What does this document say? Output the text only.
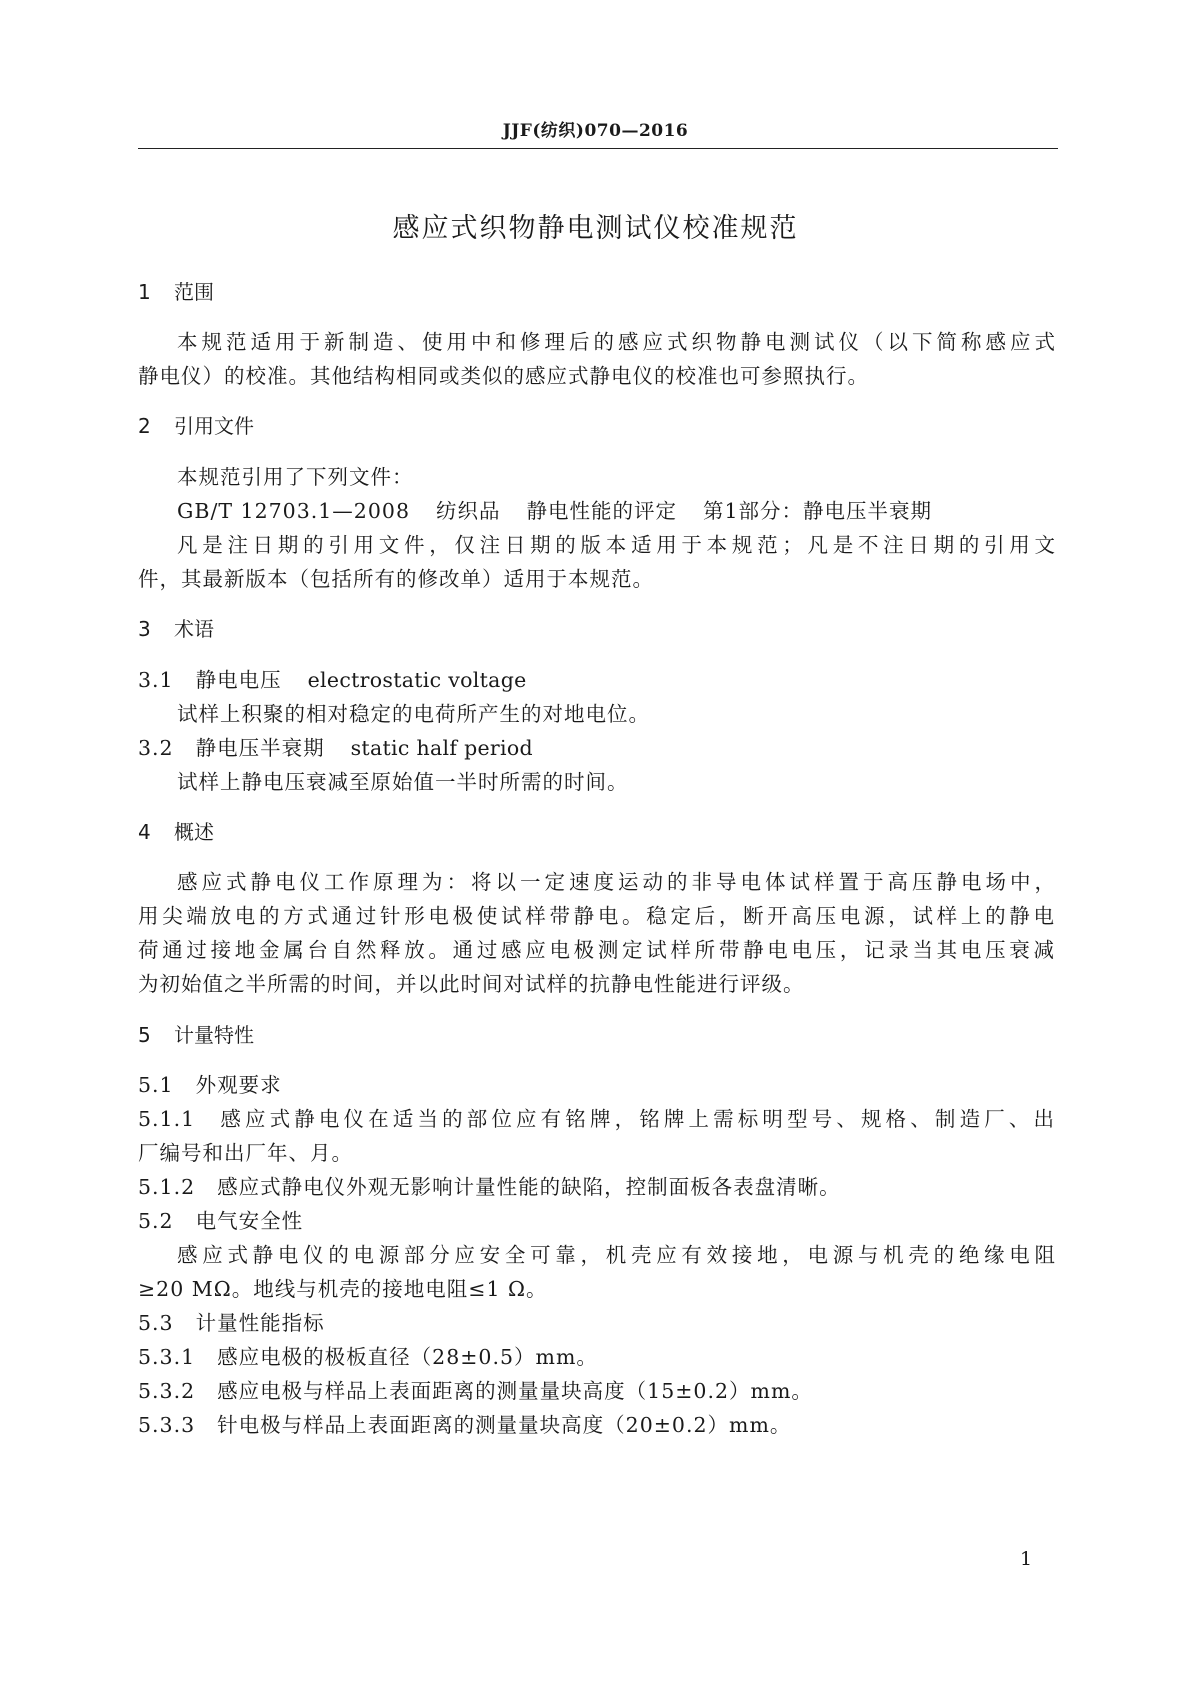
JJF(纺织)070—2016
感应式织物静电测试仪校准规范
1 范围
本规范适用于新制造、使用中和修理后的感应式织物静电测试仪（以下简称感应式
静电仪）的校准。其他结构相同或类似的感应式静电仪的校准也可参照执行。
2 引用文件
本规范引用了下列文件：
GB/T 12703.1—2008 纺织品 静电性能的评定 第1部分：静电压半衰期
凡是注日期的引用文件，仅注日期的版本适用于本规范；凡是不注日期的引用文
件，其最新版本（包括所有的修改单）适用于本规范。
3 术语
3.1 静电电压 electrostatic voltage
试样上积聚的相对稳定的电荷所产生的对地电位。
3.2 静电压半衰期 static half period
试样上静电压衰减至原始值一半时所需的时间。
4 概述
感应式静电仪工作原理为：将以一定速度运动的非导电体试样置于高压静电场中，
用尖端放电的方式通过针形电极使试样带静电。稳定后，断开高压电源，试样上的静电
荷通过接地金属台自然释放。通过感应电极测定试样所带静电电压，记录当其电压衰减
为初始值之半所需的时间，并以此时间对试样的抗静电性能进行评级。
5 计量特性
5.1 外观要求
5.1.1 感应式静电仪在适当的部位应有铭牌，铭牌上需标明型号、规格、制造厂、出
厂编号和出厂年、月。
5.1.2 感应式静电仪外观无影响计量性能的缺陷，控制面板各表盘清晰。
5.2 电气安全性
感应式静电仪的电源部分应安全可靠，机壳应有效接地，电源与机壳的绝缘电阻
≥20 MΩ。地线与机壳的接地电阻≤1 Ω。
5.3 计量性能指标
5.3.1 感应电极的极板直径（28±0.5）mm。
5.3.2 感应电极与样品上表面距离的测量量块高度（15±0.2）mm。
5.3.3 针电极与样品上表面距离的测量量块高度（20±0.2）mm。
1
